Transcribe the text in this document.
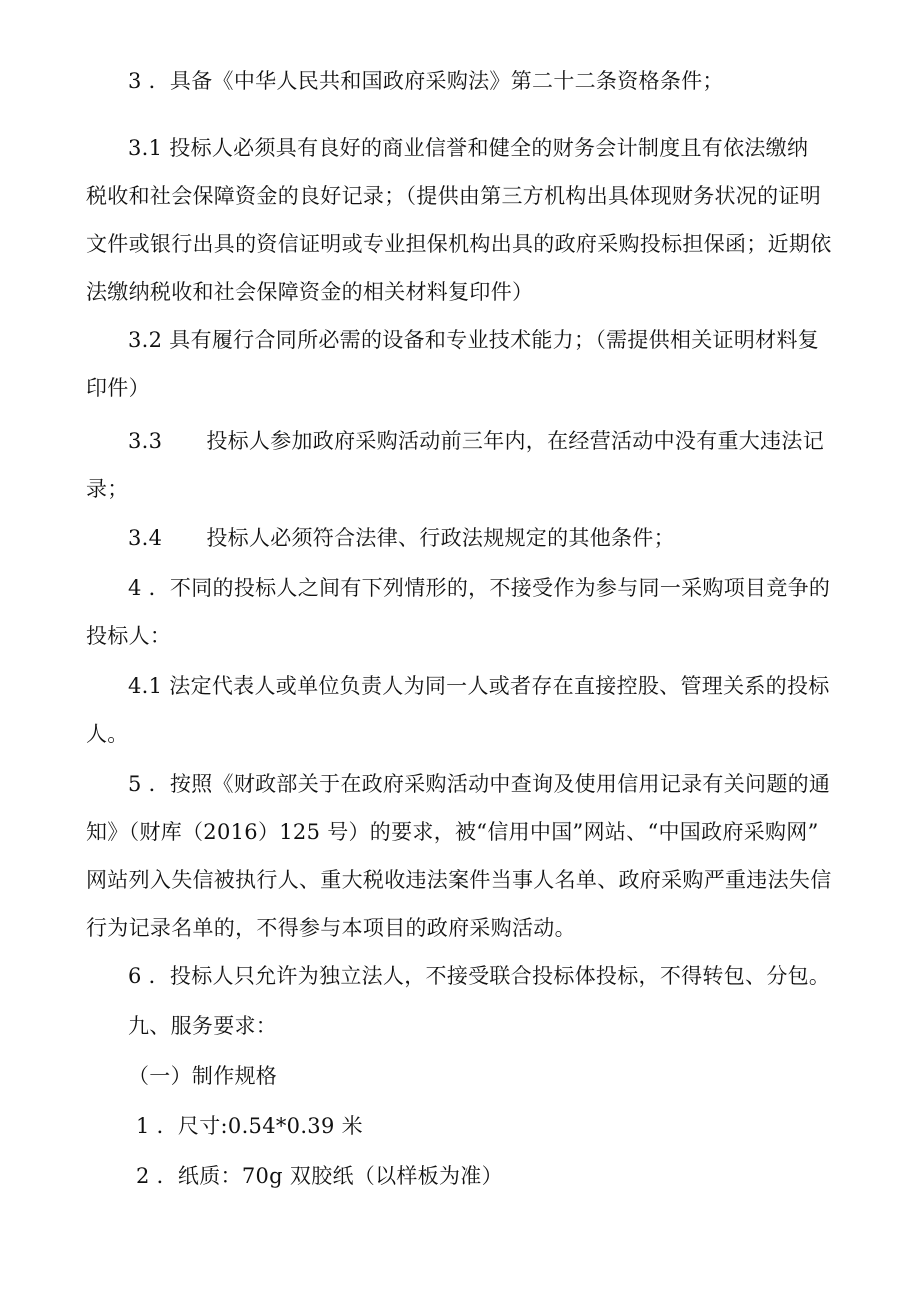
3 ．具备《中华人民共和国政府采购法》第二十二条资格条件；
3.1 投标人必须具有良好的商业信誉和健全的财务会计制度且有依法缴纳
税收和社会保障资金的良好记录；（提供由第三方机构出具体现财务状况的证明
文件或银行出具的资信证明或专业担保机构出具的政府采购投标担保函；近期依
法缴纳税收和社会保障资金的相关材料复印件）
3.2 具有履行合同所必需的设备和专业技术能力；（需提供相关证明材料复
印件）
3.3 投标人参加政府采购活动前三年内，在经营活动中没有重大违法记
录；
3.4 投标人必须符合法律、行政法规规定的其他条件；
4 ．不同的投标人之间有下列情形的，不接受作为参与同一采购项目竞争的
投标人：
4.1 法定代表人或单位负责人为同一人或者存在直接控股、管理关系的投标
人。
5 ．按照《财政部关于在政府采购活动中查询及使用信用记录有关问题的通
知》（财库（2016）125 号）的要求，被“信用中国”网站、“中国政府采购网”
网站列入失信被执行人、重大税收违法案件当事人名单、政府采购严重违法失信
行为记录名单的，不得参与本项目的政府采购活动。
6 ．投标人只允许为独立法人，不接受联合投标体投标，不得转包、分包。
九、服务要求：
（一）制作规格
1 ．尺寸:0.54*0.39 米
2 ．纸质：70g 双胶纸（以样板为准）
